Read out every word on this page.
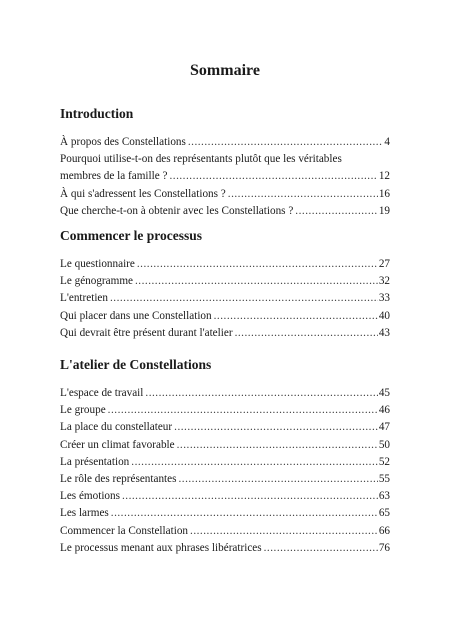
Sommaire
Introduction
À propos des Constellations .....	4
Pourquoi utilise-t-on des représentants plutôt que les véritables
membres de la famille ? .....	12
À qui s'adressent les Constellations ? .....	16
Que cherche-t-on à obtenir avec les Constellations ? .....	19
Commencer le processus
Le questionnaire .....	27
Le génogramme .....	32
L'entretien .....	33
Qui placer dans une Constellation .....	40
Qui devrait être présent durant l'atelier .....	43
L'atelier de Constellations
L'espace de travail .....	45
Le groupe .....	46
La place du constellateur .....	47
Créer un climat favorable .....	50
La présentation .....	52
Le rôle des représentantes .....	55
Les émotions .....	63
Les larmes .....	65
Commencer la Constellation .....	66
Le processus menant aux phrases libératrices .....	76
